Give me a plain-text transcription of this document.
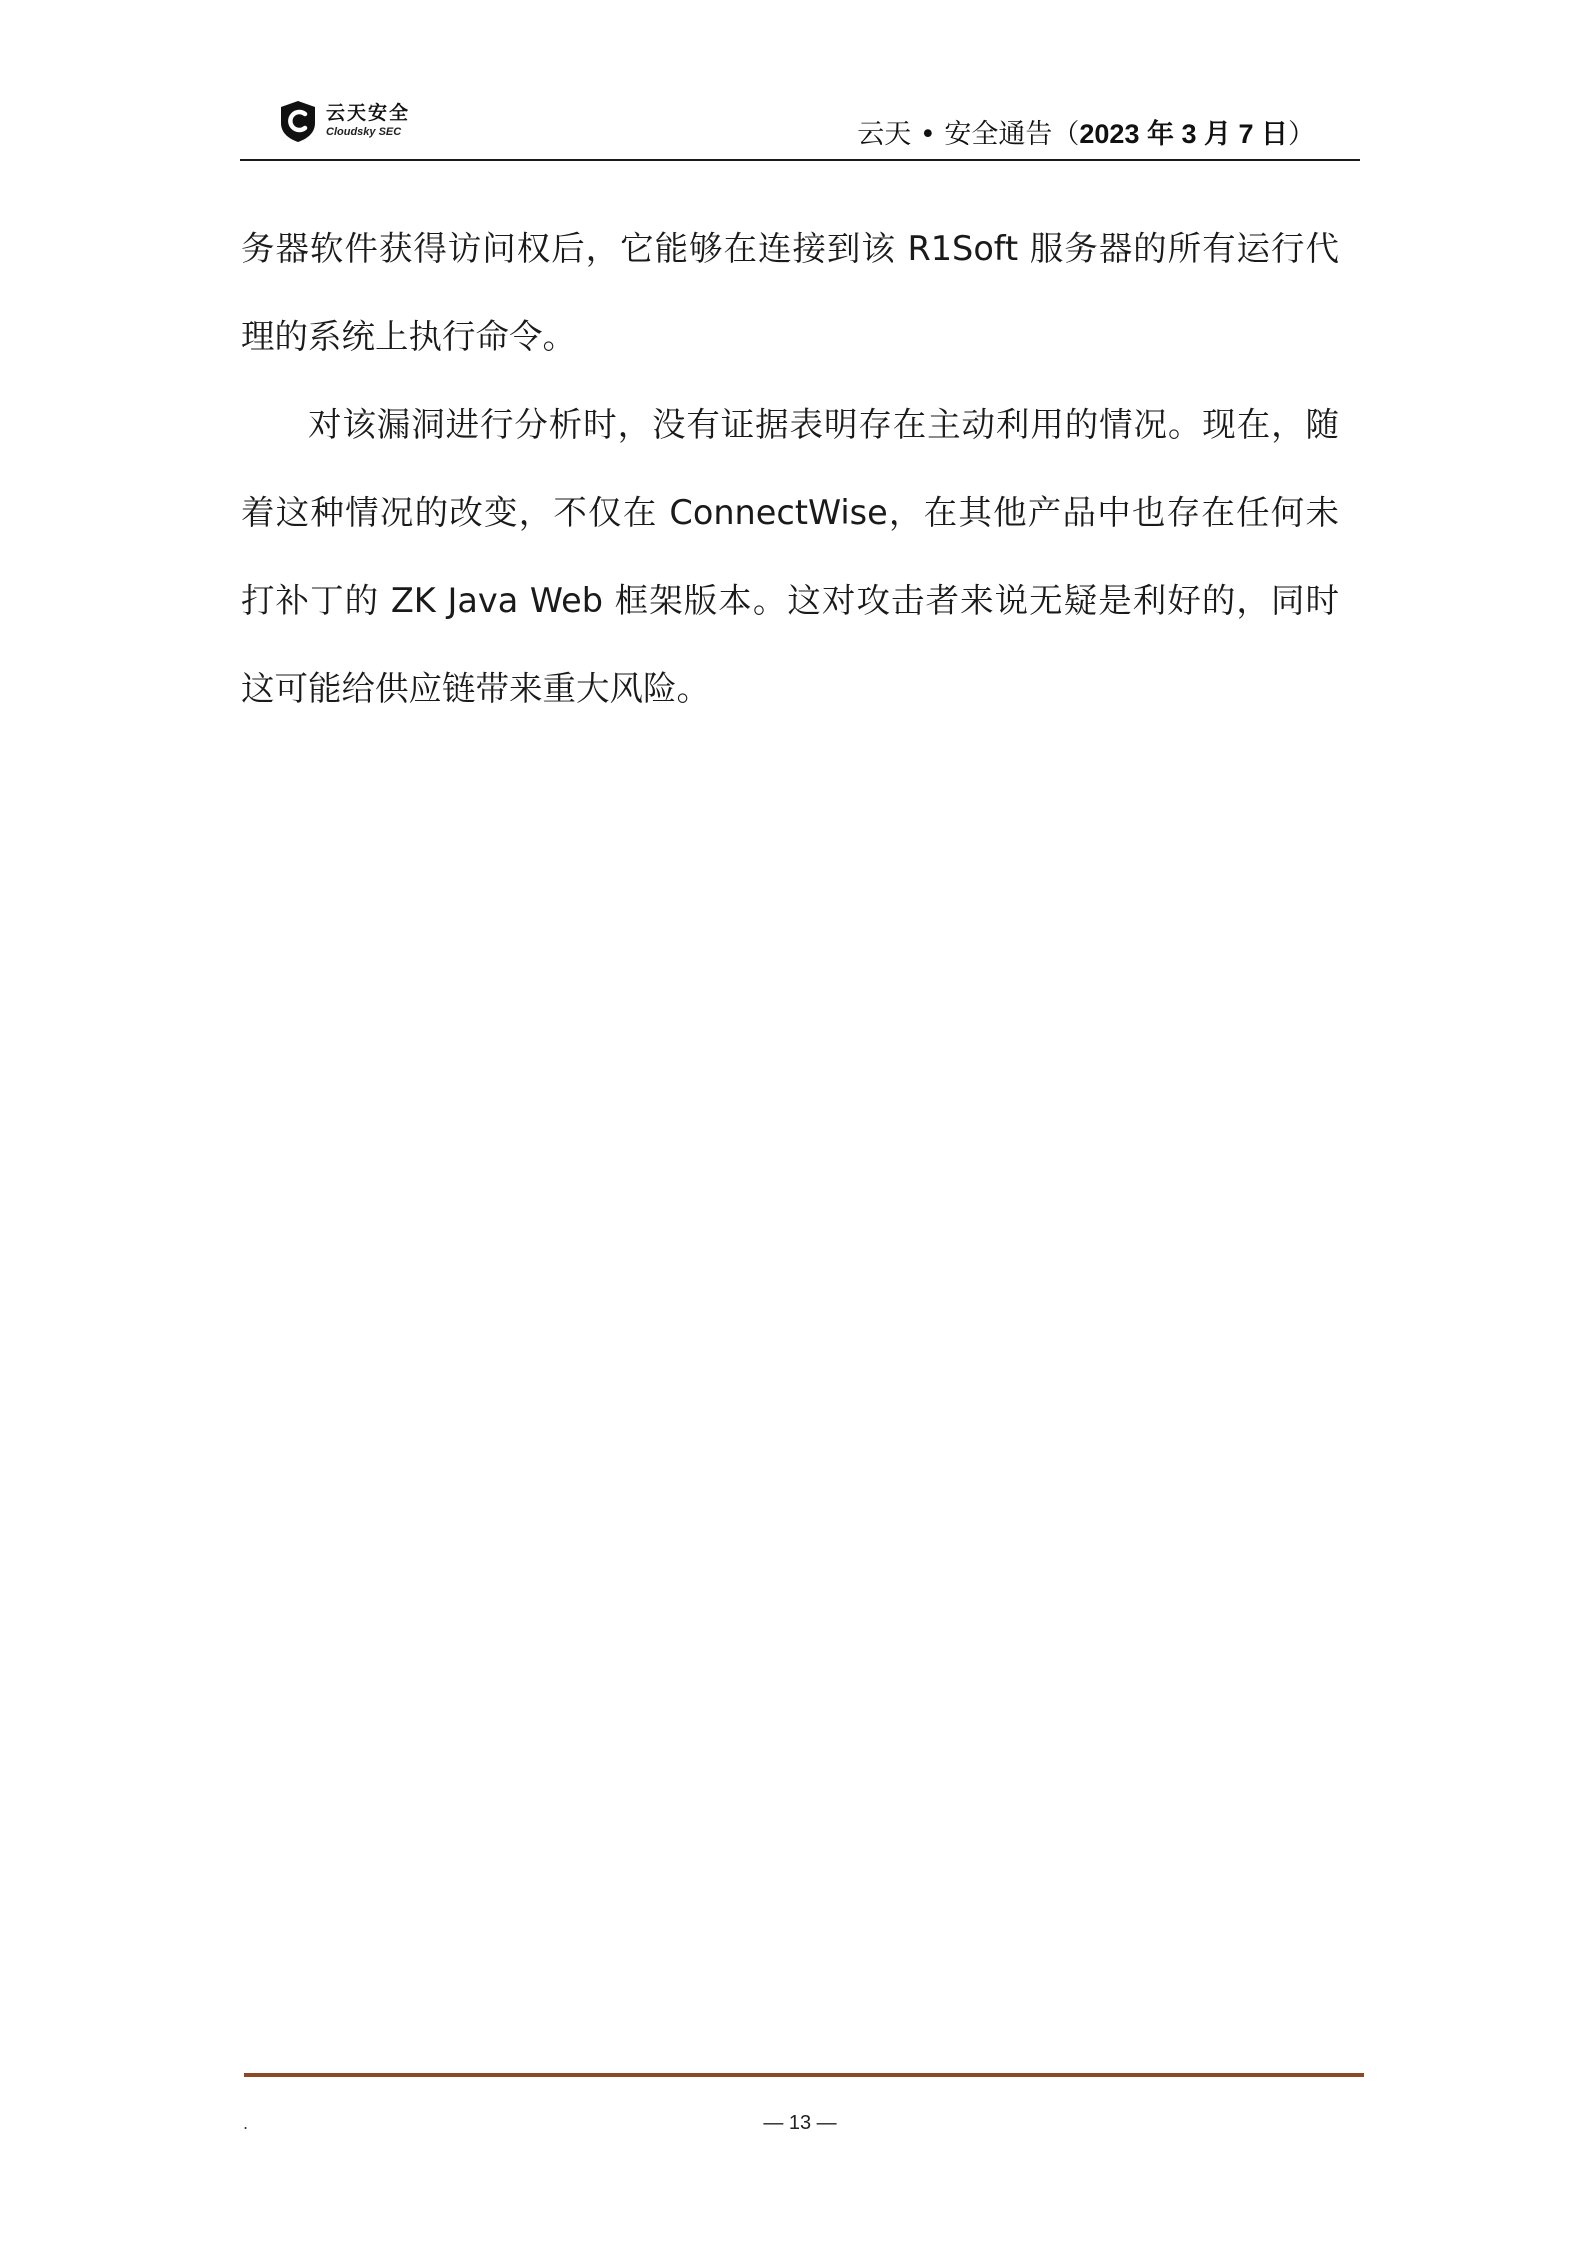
云天安全
Cloudsky SEC	云天 • 安全通告（2023 年 3 月 7 日）

务器软件获得访问权后，它能够在连接到该 R1Soft 服务器的所有运行代理的系统上执行命令。

对该漏洞进行分析时，没有证据表明存在主动利用的情况。现在，随着这种情况的改变，不仅在 ConnectWise，在其他产品中也存在任何未打补丁的 ZK Java Web 框架版本。这对攻击者来说无疑是利好的，同时这可能给供应链带来重大风险。

.	— 13 —
